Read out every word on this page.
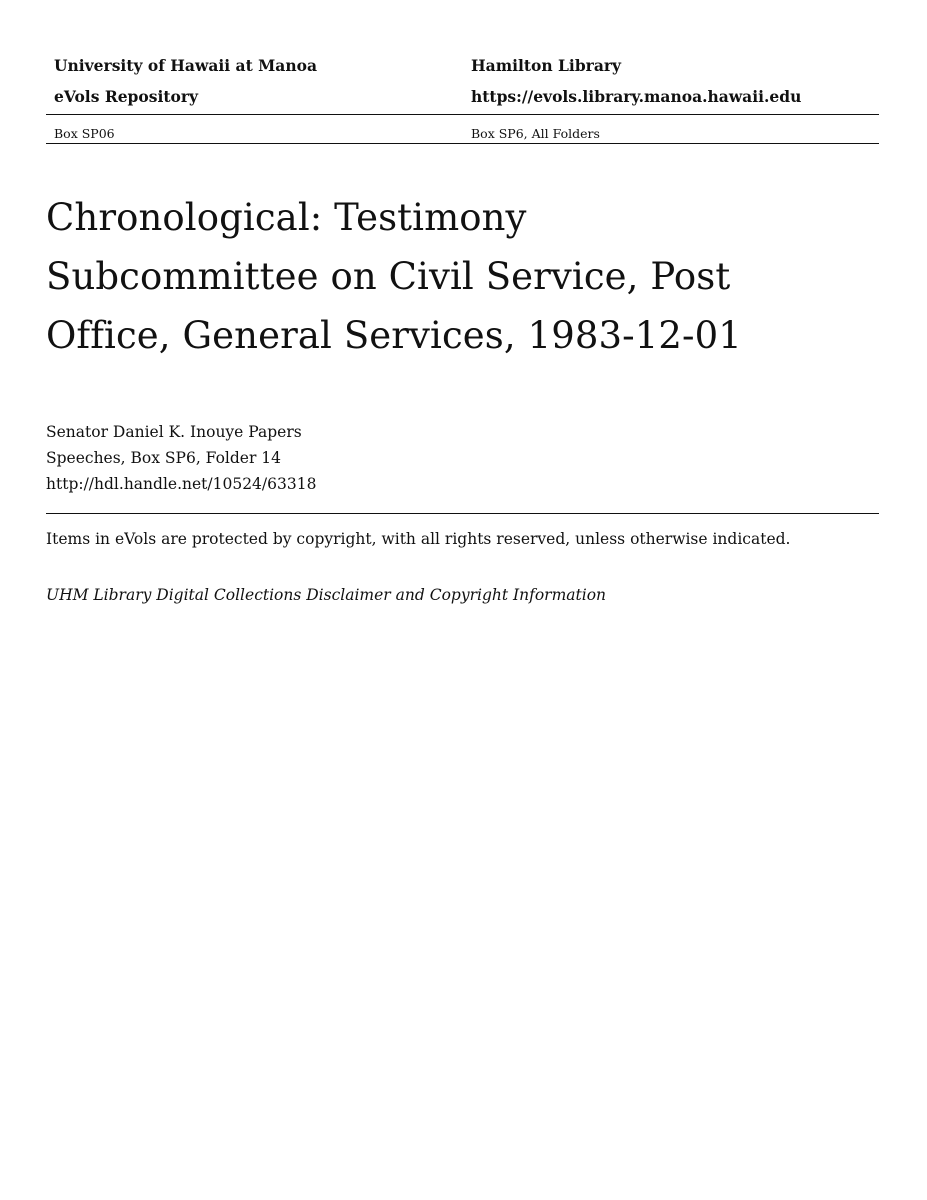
University of Hawaii at Manoa	Hamilton Library
eVols Repository	https://evols.library.manoa.hawaii.edu
Box SP06	Box SP6, All Folders
Chronological: Testimony
Subcommittee on Civil Service, Post
Office, General Services, 1983-12-01
Senator Daniel K. Inouye Papers
Speeches, Box SP6, Folder 14
http://hdl.handle.net/10524/63318
Items in eVols are protected by copyright, with all rights reserved, unless otherwise indicated.
UHM Library Digital Collections Disclaimer and Copyright Information
